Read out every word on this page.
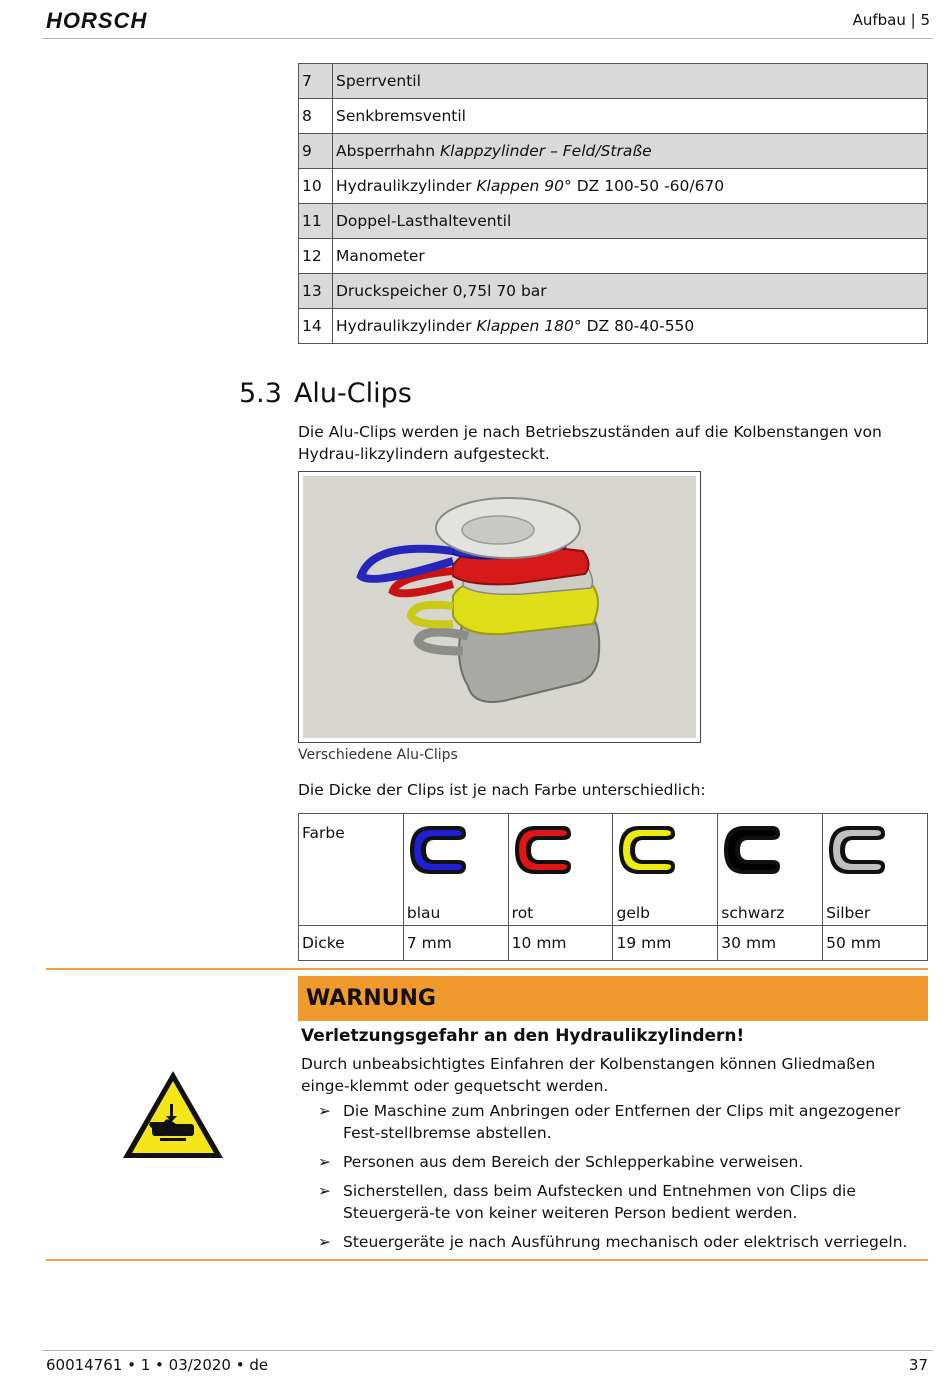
HORSCH	Aufbau | 5
7	Sperrventil
8	Senkbremsventil
9	Absperrhahn Klappzylinder – Feld/Straße
10	Hydraulikzylinder Klappen 90° DZ 100-50 -60/670
11	Doppel-Lasthalteventil
12	Manometer
13	Druckspeicher 0,75l 70 bar
14	Hydraulikzylinder Klappen 180° DZ 80-40-550
5.3 Alu-Clips
Die Alu-Clips werden je nach Betriebszuständen auf die Kolbenstangen von Hydrau-likzylindern aufgesteckt.
Verschiedene Alu-Clips
Die Dicke der Clips ist je nach Farbe unterschiedlich:
Farbe	blau	rot	gelb	schwarz	Silber

Dicke	7 mm	10 mm	19 mm	30 mm	50 mm
WARNUNG
Verletzungsgefahr an den Hydraulikzylindern!
Durch unbeabsichtigtes Einfahren der Kolbenstangen können Gliedmaßen einge-klemmt oder gequetscht werden.
➢ Die Maschine zum Anbringen oder Entfernen der Clips mit angezogener Fest-stellbremse abstellen.
➢ Personen aus dem Bereich der Schlepperkabine verweisen.
➢ Sicherstellen, dass beim Aufstecken und Entnehmen von Clips die Steuergerä-te von keiner weiteren Person bedient werden.
➢ Steuergeräte je nach Ausführung mechanisch oder elektrisch verriegeln.
60014761 • 1 • 03/2020 • de	37
